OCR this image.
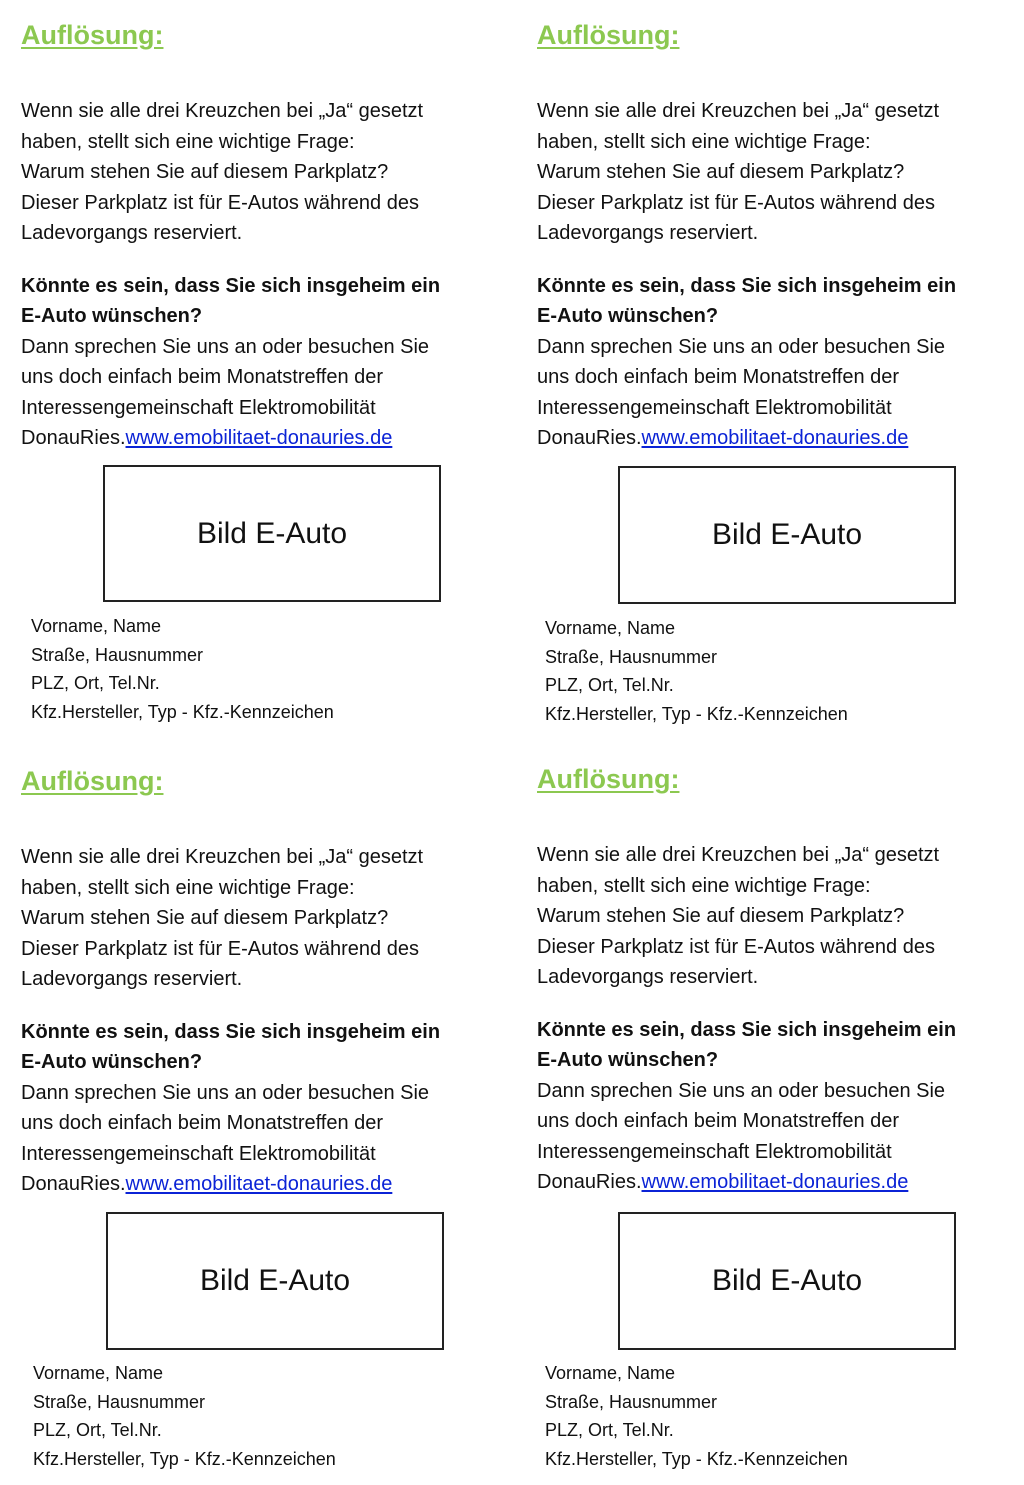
Auflösung:

Wenn sie alle drei Kreuzchen bei „Ja“ gesetzt
haben, stellt sich eine wichtige Frage:
Warum stehen Sie auf diesem Parkplatz?
Dieser Parkplatz ist für E-Autos während des
Ladevorgangs reserviert.

Könnte es sein, dass Sie sich insgeheim ein
E-Auto wünschen?
Dann sprechen Sie uns an oder besuchen Sie
uns doch einfach beim Monatstreffen der
Interessengemeinschaft Elektromobilität
DonauRies.www.emobilitaet-donauries.de

Bild E-Auto
Vorname, Name
Straße, Hausnummer
PLZ, Ort, Tel.Nr.
Kfz.Hersteller, Typ - Kfz.-Kennzeichen
Auflösung:

Wenn sie alle drei Kreuzchen bei „Ja“ gesetzt
haben, stellt sich eine wichtige Frage:
Warum stehen Sie auf diesem Parkplatz?
Dieser Parkplatz ist für E-Autos während des
Ladevorgangs reserviert.

Könnte es sein, dass Sie sich insgeheim ein
E-Auto wünschen?
Dann sprechen Sie uns an oder besuchen Sie
uns doch einfach beim Monatstreffen der
Interessengemeinschaft Elektromobilität
DonauRies.www.emobilitaet-donauries.de

Bild E-Auto
Vorname, Name
Straße, Hausnummer
PLZ, Ort, Tel.Nr.
Kfz.Hersteller, Typ - Kfz.-Kennzeichen
Auflösung:

Wenn sie alle drei Kreuzchen bei „Ja“ gesetzt
haben, stellt sich eine wichtige Frage:
Warum stehen Sie auf diesem Parkplatz?
Dieser Parkplatz ist für E-Autos während des
Ladevorgangs reserviert.

Könnte es sein, dass Sie sich insgeheim ein
E-Auto wünschen?
Dann sprechen Sie uns an oder besuchen Sie
uns doch einfach beim Monatstreffen der
Interessengemeinschaft Elektromobilität
DonauRies.www.emobilitaet-donauries.de

Bild E-Auto
Vorname, Name
Straße, Hausnummer
PLZ, Ort, Tel.Nr.
Kfz.Hersteller, Typ - Kfz.-Kennzeichen
Auflösung:

Wenn sie alle drei Kreuzchen bei „Ja“ gesetzt
haben, stellt sich eine wichtige Frage:
Warum stehen Sie auf diesem Parkplatz?
Dieser Parkplatz ist für E-Autos während des
Ladevorgangs reserviert.

Könnte es sein, dass Sie sich insgeheim ein
E-Auto wünschen?
Dann sprechen Sie uns an oder besuchen Sie
uns doch einfach beim Monatstreffen der
Interessengemeinschaft Elektromobilität
DonauRies.www.emobilitaet-donauries.de

Bild E-Auto
Vorname, Name
Straße, Hausnummer
PLZ, Ort, Tel.Nr.
Kfz.Hersteller, Typ - Kfz.-Kennzeichen
